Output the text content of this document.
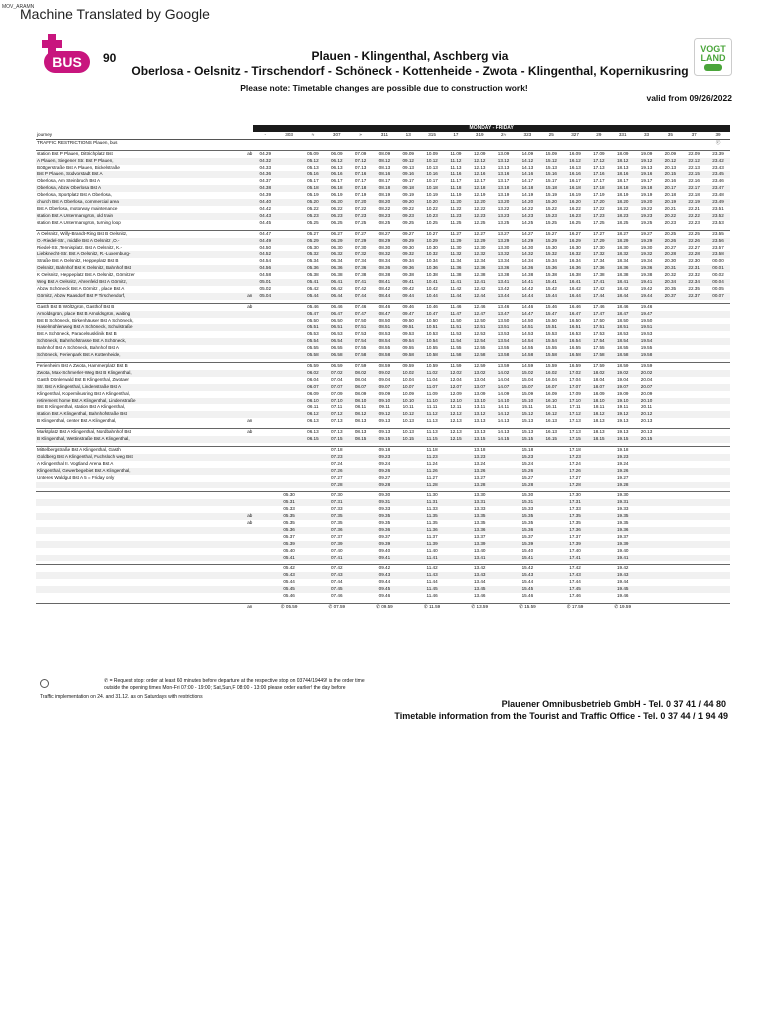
MOV_ARAMN
Machine Translated by Google
BUS 90	Plauen - Klingenthal, Aschberg via
Oberlosa - Oelsnitz - Tirschendorf - Schöneck - Kottenheide - Zwota - Klingenthal, Kopernikusring
VOGT
LAND
Please note: Timetable changes are possible due to construction work!
valid from 09/26/2022
		MONDAY - FRIDAY																			
journey		-	303	≈	307	»	311	13	315	17	319	2≈	323	25	327	29	331	33	35	37	39
TRAFFIC RESTRICTIONS Plauen, bus																					ⓒ

station Bst P Plauen, Dittrichplatz Bst	ab	04.29		05.09	06.09	07.09	08.09	09.09	10.09	11.09	12.09	13.09	14.09	15.09	16.09	17.09	18.09	19.09	20.09	22.09	23.39
A Plauen, Siegener Str. Bst P Plauen,		04.32		05.12	06.12	07.12	08.12	09.12	10.12	11.12	12.12	13.12	14.12	15.12	16.12	17.12	18.12	19.12	20.12	22.12	23.42
Böttgerstraße Bst A Plauen, Bickelstraße		04.33		05.13	06.13	07.13	08.13	09.13	10.13	11.13	12.13	13.13	14.13	15.13	16.13	17.13	18.13	19.13	20.13	22.13	23.43
Bst P Plauen, Südvorstadt Bst A		04.36		05.16	06.16	07.16	08.16	09.16	10.16	11.16	12.16	13.16	14.16	15.16	16.16	17.16	18.16	19.16	20.15	22.15	23.45
Oberlosa, Am Steinbruch Bst A		04.37		05.17	06.17	07.17	08.17	09.17	10.17	11.17	12.17	13.17	14.17	15.17	16.17	17.17	18.17	19.17	20.16	22.16	23.46
Oberlosa, Abzw Oberlosa Bst A		04.38		05.18	06.18	07.18	08.18	09.18	10.18	11.18	12.18	13.18	14.18	15.18	16.18	17.18	18.18	19.18	20.17	22.17	23.47
Oberlosa, Sportplatz Bst A Oberlosa,		04.39		05.19	06.19	07.19	08.19	09.19	10.19	11.19	12.19	13.19	14.19	15.19	16.19	17.19	18.19	19.19	20.18	22.18	23.48
church Bst A Oberlosa, commercial area		04.40		05.20	06.20	07.20	08.20	09.20	10.20	11.20	12.20	13.20	14.20	15.20	16.20	17.20	18.20	19.20	20.19	22.19	23.49
Bst A Oberlosa, motorway maintenance		04.42		05.22	06.22	07.22	08.22	09.22	10.22	11.22	12.22	13.22	14.22	15.22	16.22	17.22	18.22	19.22	20.21	22.21	23.51
station Bst A Untermarxgrün, old train		04.43		05.23	06.23	07.23	08.23	09.23	10.23	11.23	12.23	13.23	14.23	15.23	16.23	17.23	18.23	19.23	20.22	22.22	23.52
station Bst A Untermarxgrün, turning loop		04.45		05.25	06.25	07.25	08.25	09.25	10.25	11.25	12.25	13.25	14.25	15.25	16.25	17.25	18.25	19.25	20.23	22.23	23.53

A Oelsnitz, Willy-Brandt-Ring Bst B Oelsnitz,		04.47		05.27	06.27	07.27	08.27	09.27	10.27	11.27	12.27	13.27	14.27	15.27	16.27	17.27	18.27	19.27	20.25	22.25	23.55
O.-Riedel-Str., middle Bst A Oelsnitz ,O.-		04.49		05.29	06.29	07.29	08.29	09.29	10.29	11.29	12.29	13.29	14.29	15.29	16.29	17.29	18.29	19.29	20.26	22.26	23.56
Riedel-Str.,Tennisplatz. Bst A Oelsnitz, K.-		04.50		05.30	06.30	07.30	08.30	09.30	10.30	11.30	12.30	13.30	14.30	15.30	16.30	17.30	18.30	19.30	20.27	22.27	23.57
Liebknecht-Str. Bst A Oelsnitz, R.-Luxemburg-		04.52		05.32	06.32	07.32	08.32	09.32	10.32	11.32	12.32	13.32	14.32	15.32	16.32	17.32	18.32	19.32	20.28	22.28	23.58
Straße Bst A Oelsnitz, Heppeplatz Bst B		04.54		05.34	06.34	07.34	08.34	09.34	10.34	11.34	12.34	13.34	14.34	15.34	16.34	17.34	18.34	19.34	20.30	22.30	00.00
Oelsnitz, Bahnhof Bst K Oelsnitz, Bahnhof Bst		04.56		05.36	06.36	07.36	08.36	09.36	10.36	11.36	12.36	13.36	14.36	15.36	16.36	17.36	18.36	19.36	20.31	22.31	00.01
K Oelsnitz, Heppeplatz Bst A Oelsnitz, Görnitzer		04.58		05.38	06.38	07.38	08.38	09.38	10.38	11.38	12.38	13.38	14.38	15.38	16.38	17.38	18.38	19.38	20.32	22.32	00.02
Weg Bst A Oelsnitz, Ahrenfeld Bst A Görnitz,		05.01		05.41	06.41	07.41	08.41	09.41	10.41	11.41	12.41	13.41	14.41	15.41	16.41	17.41	18.41	19.41	20.34	22.34	00.04
Abzw Schöneck Bst A Görnitz , place Bst A		05.02		05.42	06.42	07.42	08.42	09.42	10.42	11.42	12.42	13.42	14.42	15.42	16.42	17.42	18.42	19.42	20.35	22.35	00.05
Görnitz, Abzw Raasdorf Bst P Tirschendorf,	an	05.04		05.44	06.44	07.44	08.44	09.44	10.44	11.44	12.44	13.44	14.44	15.44	16.44	17.44	18.44	19.44	20.37	22.37	00.07

Gasth Bst B Wöltzgrün, Gasthof Bst B	ab			05.46	06.46	07.46	08.46	09.46	10.46	11.46	12.46	13.46	14.46	15.46	16.46	17.46	18.46	19.46			
Arnoldsgrün, place Bst B Arnoldsgrün, waiting				05.47	06.47	07.47	08.47	09.47	10.47	11.47	12.47	13.47	14.47	15.47	16.47	17.47	18.47	19.47			
Bst B Schöneck, Birkenhäuser Bst A Schöneck,				05.50	06.50	07.50	08.50	09.50	10.50	11.50	12.50	13.50	14.50	15.50	16.50	17.50	18.50	19.50			
Haselmühlenweg Bst A Schöneck, Schulstraße				05.51	06.51	07.51	08.51	09.51	10.51	11.51	12.51	13.51	14.51	15.51	16.51	17.51	18.51	19.51			
Bst A Schöneck, Paracelsusklinik Bst B				05.53	06.53	07.53	08.53	09.53	10.53	11.53	12.53	13.53	14.53	15.53	16.53	17.53	18.53	19.53			
Schöneck, Bahnhofstrasse Bst A Schöneck,				05.54	06.54	07.54	08.54	09.54	10.54	11.54	12.54	13.54	14.54	15.54	16.54	17.54	18.54	19.54			
Bahnhof Bst A Schöneck, Bahnhof Bst A				05.55	06.55	07.55	08.55	09.55	10.55	11.55	12.55	13.55	14.55	15.55	16.55	17.55	18.55	19.55			
Schöneck, Ferienpark Bst A Kottenheide,				05.58	06.58	07.58	08.58	09.58	10.58	11.58	12.58	13.58	14.58	15.58	16.58	17.58	18.58	19.58			

Ferienheim Bst A Zwota, Hammerplatz Bst B				05.59	06.59	07.59	08.59	09.59	10.59	11.59	12.59	13.59	14.59	15.59	16.59	17.59	18.59	19.59			
Zwota, Max-Schmerler-Weg Bst B Klingenthal,				06.02	07.02	08.02	09.02	10.02	11.02	12.02	13.02	14.02	15.02	16.02	17.02	18.02	19.02	20.02			
Gasth Dönlerwald Bst B Klingenthal, Zwotaer				06.04	07.04	08.04	09.04	10.04	11.04	12.04	13.04	14.04	15.04	16.04	17.04	18.04	19.04	20.04			
Str. Bst A Klingenthal, Lindenstraße Bst A				06.07	07.07	08.07	09.07	10.07	11.07	12.07	13.07	14.07	15.07	16.07	17.07	18.07	19.07	20.07			
Klingenthal, Kopernikusring Bst A Klingenthal,				06.09	07.09	08.09	09.09	10.09	11.09	12.09	13.09	14.09	15.09	16.09	17.09	18.09	19.09	20.09			
retirement home Bst A Klingenthal, Lindenstraße				06.10	07.10	08.10	09.10	10.10	11.10	12.10	13.10	14.10	15.10	16.10	17.10	18.10	19.10	20.10			
Bst B Klingenthal, station Bst A Klingenthal,				06.11	07.11	08.11	09.11	10.11	11.11	12.11	13.11	14.11	15.11	16.11	17.11	18.11	19.11	20.11			
station Bst A Klingenthal, Bahnhofstraße Bst				06.12	07.12	08.12	09.12	10.12	11.12	12.12	13.12	14.12	15.12	16.12	17.12	18.12	19.12	20.12			
B Klingenthal, center Bst A Klingenthal,	an			06.13	07.13	08.13	09.13	10.13	11.13	12.13	13.13	14.13	15.13	16.13	17.13	18.13	19.13	20.13			

Marktplatz Bst A Klingenthal, Nordbahnhof Bst	ab			06.13	07.13	08.13	09.13	10.13	11.13	12.13	13.13	14.13	15.13	16.13	17.13	18.13	19.13	20.13			
B Klingenthal, Wettinstraße Bst A Klingenthal,				06.15	07.15	08.15	09.15	10.15	11.15	12.15	13.15	14.15	15.15	16.15	17.15	18.15	19.15	20.15			

Mittelbergstraße Bst A Klingenthal, Gasth					07.18		09.18		11.18		13.18		15.18		17.18		19.18				
Goldberg Bst A Klingenthal, Fuchsloch weg Bst					07.23		09.23		11.23		13.23		15.23		17.23		19.23				
A Klingenthal II. Vogtland Arena Bst A					07.24		09.24		11.24		13.24		15.24		17.24		19.24				
Klingenthal, Gewerbegebiet Bst A Klingenthal,					07.26		09.26		11.26		13.26		15.26		17.26		19.26				
Unteres Waldgut Bst A 5 = Friday only					07.27		09.27		11.27		13.27		15.27		17.27		19.27				
					07.28		09.28		11.28		13.28		15.28		17.28		19.28				

			05.30		07.30		09.30		11.30		13.30		15.30		17.30		19.30				
			05.31		07.31		09.31		11.31		13.31		15.31		17.31		19.31				
			05.33		07.33		09.33		11.33		13.33		15.33		17.33		19.33				
	ab		05.35		07.35		09.35		11.35		13.35		15.35		17.35		19.35				
	ab		05.35		07.35		09.35		11.35		13.35		15.35		17.35		19.35				
			05.36		07.36		09.36		11.36		13.36		15.36		17.36		19.36				
			05.37		07.37		09.37		11.37		13.37		15.37		17.37		19.37				
			05.39		07.39		09.39		11.39		13.39		15.39		17.39		19.39				
			05.40		07.40		09.40		11.40		13.40		15.40		17.40		19.40				
			05.41		07.41		09.41		11.41		13.41		15.41		17.41		19.41				

			05.42		07.42		09.42		11.42		13.42		15.42		17.42		19.42				
			05.43		07.43		09.43		11.43		13.43		15.43		17.43		19.43				
			05.44		07.44		09.44		11.44		13.44		15.44		17.44		19.44				
			05.45		07.45		09.45		11.45		13.45		15.45		17.45		19.45				
			05.46		07.46		09.46		11.46		13.46		15.46		17.46		19.46				

	an		✆ 05.59		✆ 07.59		✆ 09.59		✆ 11.59		✆ 13.59		✆ 15.59		✆ 17.59		✆ 19.59				
✆ = Request stop: order at least 60 minutes before departure at the respective stop on 03744/19449! is the order time
outside the opening times Mon-Fri 07:00 - 19:00; Sat,Sun,F 08:00 - 13:00 please order earlier! the day before
Traffic implementation on 24. and 31.12. as on Saturdays with restrictions
Plauener Omnibusbetrieb GmbH - Tel. 0 37 41 / 44 80
Timetable information from the Tourist and Traffic Office - Tel. 0 37 44 / 1 94 49
